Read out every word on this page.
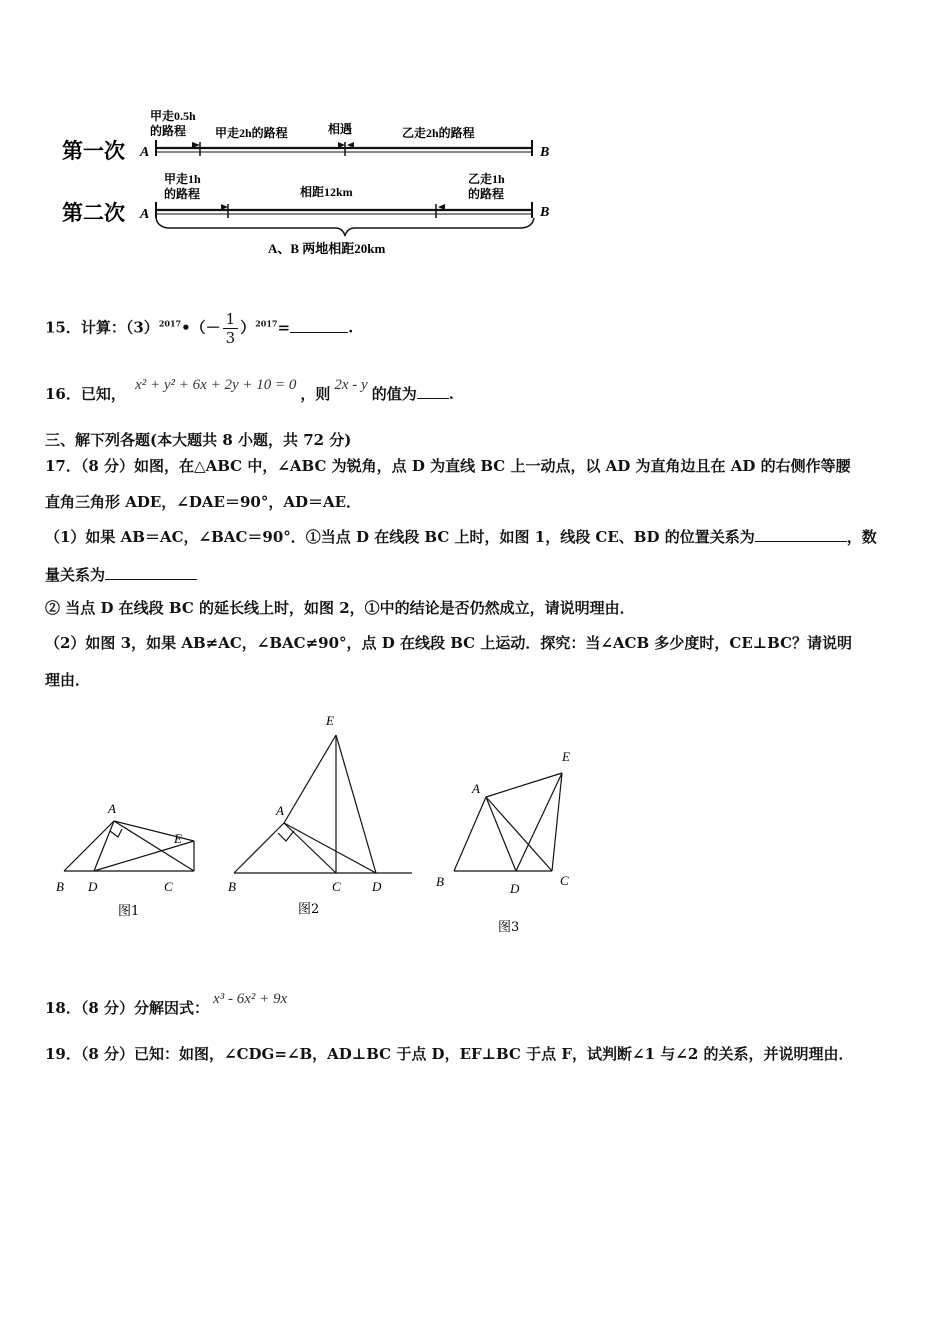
第一次 A
第二次 A
B
B
甲走0.5h 的路程	甲走2h的路程	相遇	乙走2h的路程
甲走1h 的路程	相距12km
乙走1h 的路程
A、B 两地相距20km
15．计算：$(3)^{2017}•(- \frac{1}{3} )^{2017}=$	.
16．已知， x² + y² + 6x + 2y + 10 = 0 ，则 2x - y 的值为 .
三、解下列各题(本大题共 8 小题，共 72 分)
17．（8 分）如图，在△ABC 中，∠ABC 为锐角，点 D 为直线 BC 上一动点，以 AD 为直角边且在 AD 的右侧作等腰
直角三角形 ADE，∠DAE＝90°，AD＝AE．
（1）如果 AB＝AC，∠BAC＝90°．①当点 D 在线段 BC 上时，如图 1，线段 CE、BD 的位置关系为	，数
量关系为
② 当点 D 在线段 BC 的延长线上时，如图 2，①中的结论是否仍然成立，请说明理由．
（2）如图 3，如果 AB≠AC，∠BAC≠90°，点 D 在线段 BC 上运动．探究：当∠ACB 多少度时，CE⊥BC？请说明
理由．
A
B D	C
E
图1
E
A
B	C D
图2
E
A
B	D
C
图3
18．（8 分）分解因式： x³ - 6x² + 9x
19．（8 分）已知：如图，∠CDG=∠B，AD⊥BC 于点 D，EF⊥BC 于点 F，试判断∠1 与∠2 的关系，并说明理由．
